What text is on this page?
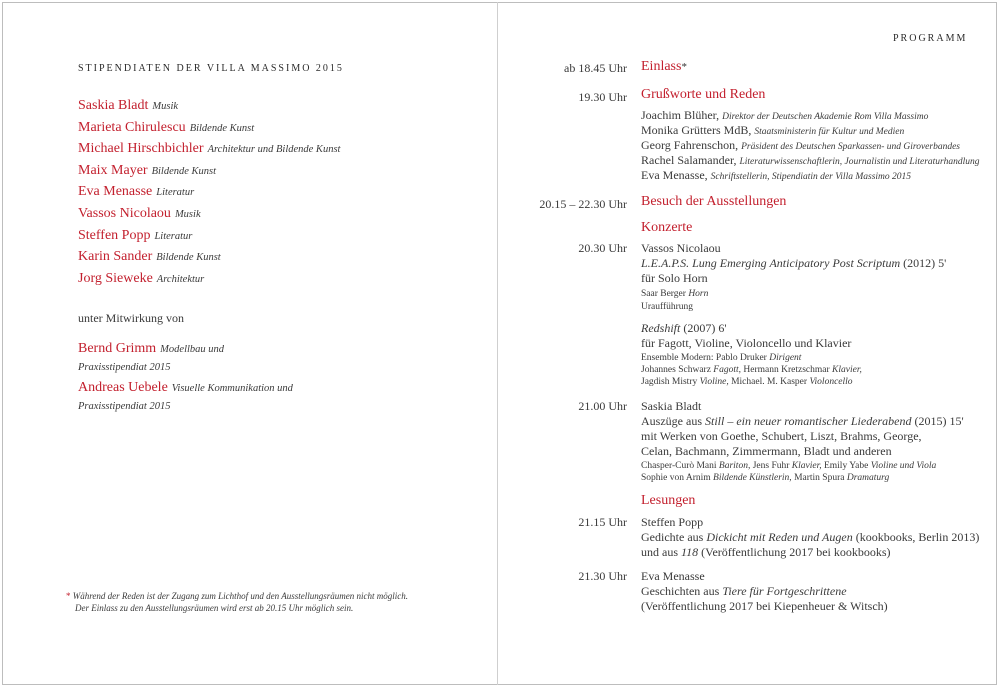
STIPENDIATEN DER VILLA MASSIMO 2015
Saskia Bladt Musik
Marieta Chirulescu Bildende Kunst
Michael Hirschbichler Architektur und Bildende Kunst
Maix Mayer Bildende Kunst
Eva Menasse Literatur
Vassos Nicolaou Musik
Steffen Popp Literatur
Karin Sander Bildende Kunst
Jorg Sieweke Architektur
unter Mitwirkung von
Bernd Grimm Modellbau und
Praxisstipendiat 2015
Andreas Uebele Visuelle Kommunikation und
Praxisstipendiat 2015
* Während der Reden ist der Zugang zum Lichthof und den Ausstellungsräumen nicht möglich.
Der Einlass zu den Ausstellungsräumen wird erst ab 20.15 Uhr möglich sein.
PROGRAMM
ab 18.45 Uhr Einlass*
19.30 Uhr Grußworte und Reden
Joachim Blüher, Direktor der Deutschen Akademie Rom Villa Massimo
Monika Grütters MdB, Staatsministerin für Kultur und Medien
Georg Fahrenschon, Präsident des Deutschen Sparkassen- und Giroverbandes
Rachel Salamander, Literaturwissenschaftlerin, Journalistin und Literaturhandlung
Eva Menasse, Schriftstellerin, Stipendiatin der Villa Massimo 2015
20.15 – 22.30 Uhr Besuch der Ausstellungen
Konzerte
20.30 Uhr Vassos Nicolaou
L.E.A.P.S. Lung Emerging Anticipatory Post Scriptum (2012) 5'
für Solo Horn
Saar Berger Horn
Uraufführung
Redshift (2007) 6'
für Fagott, Violine, Violoncello und Klavier
Ensemble Modern: Pablo Druker Dirigent
Johannes Schwarz Fagott, Hermann Kretzschmar Klavier,
Jagdish Mistry Violine, Michael. M. Kasper Violoncello
21.00 Uhr Saskia Bladt
Auszüge aus Still – ein neuer romantischer Liederabend (2015) 15'
mit Werken von Goethe, Schubert, Liszt, Brahms, George,
Celan, Bachmann, Zimmermann, Bladt und anderen
Chasper-Curò Mani Bariton, Jens Fuhr Klavier, Emily Yabe Violine und Viola
Sophie von Arnim Bildende Künstlerin, Martin Spura Dramaturg
Lesungen
21.15 Uhr Steffen Popp
Gedichte aus Dickicht mit Reden und Augen (kookbooks, Berlin 2013)
und aus 118 (Veröffentlichung 2017 bei kookbooks)
21.30 Uhr Eva Menasse
Geschichten aus Tiere für Fortgeschrittene
(Veröffentlichung 2017 bei Kiepenheuer & Witsch)
